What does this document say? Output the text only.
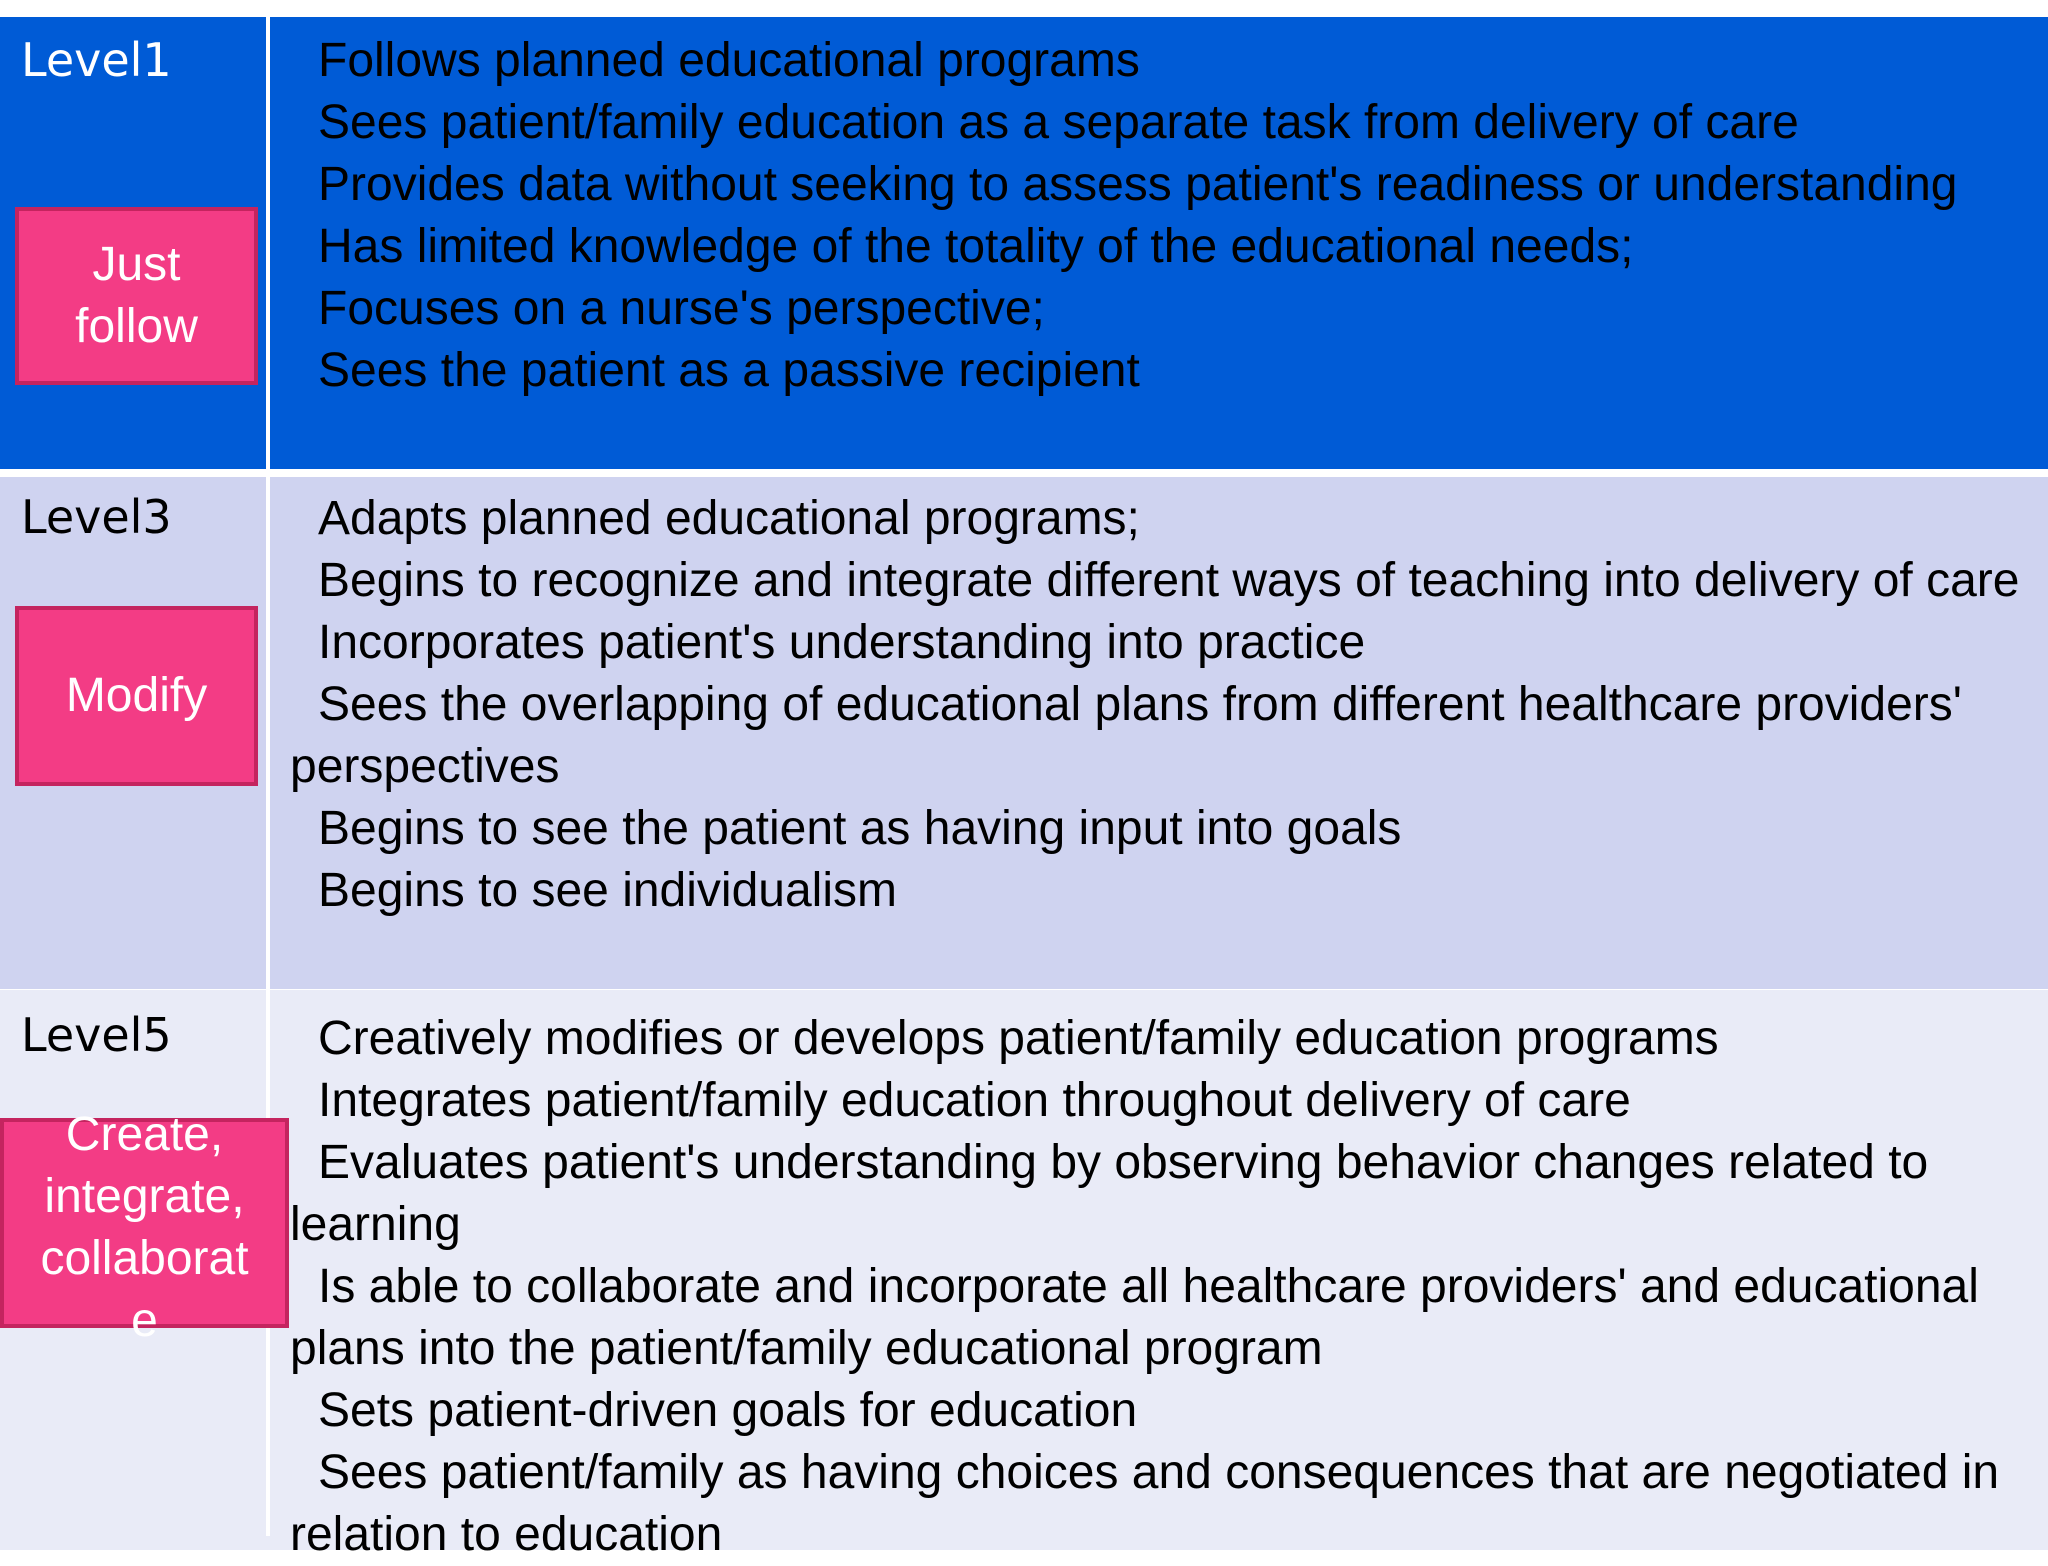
Level1
Just
follow
Follows planned educational programs
Sees patient/family education as a separate task from delivery of care
Provides data without seeking to assess patient's readiness or understanding
Has limited knowledge of the totality of the educational needs;
Focuses on a nurse's perspective;
Sees the patient as a passive recipient
Level3
Modify
Adapts planned educational programs;
Begins to recognize and integrate different ways of teaching into delivery of care
Incorporates patient's understanding into practice
Sees the overlapping of educational plans from different healthcare providers' perspectives
Begins to see the patient as having input into goals
Begins to see individualism
Level5
Create,
integrate,
collaborat
e
Creatively modifies or develops patient/family education programs
Integrates patient/family education throughout delivery of care
Evaluates patient's understanding by observing behavior changes related to learning
Is able to collaborate and incorporate all healthcare providers' and educational plans into the patient/family educational program
Sets patient-driven goals for education
Sees patient/family as having choices and consequences that are negotiated in relation to education
